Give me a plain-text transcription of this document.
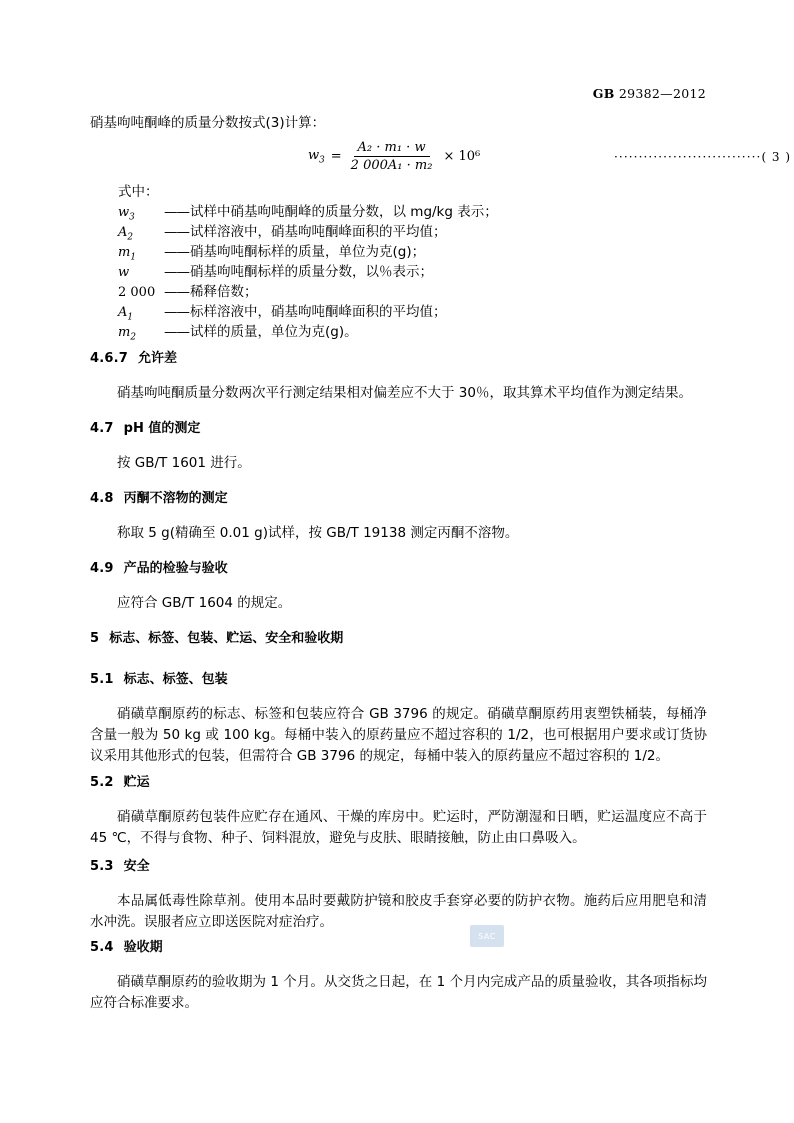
GB 29382—2012
硝基呴吨酮峰的质量分数按式(3)计算：
$w_3 = \frac{\text{A₂ · m₁ · w}}{\text{2 000A₁ · m₂}} \times 10^6$	······························( 3 )
式中：
$w_3$	—— 试样中硝基呴吨酮峰的质量分数，以 mg/kg 表示；
$A_2$	—— 试样溶液中，硝基呴吨酮峰面积的平均值；
$m_1$	—— 硝基呴吨酮标样的质量，单位为克(g)；
w	—— 硝基呴吨酮标样的质量分数，以％表示；
2 000 —— 稀释倍数；
$A_1$	—— 标样溶液中，硝基呴吨酮峰面积的平均值；
$m_2$	—— 试样的质量，单位为克(g)。
4.6.7 允许差
硝基呴吨酮质量分数两次平行测定结果相对偏差应不大于 30％，取其算术平均值作为测定结果。
4.7 pH 值的测定
按 GB/T 1601 进行。
4.8 丙酮不溶物的测定
称取 5 g(精确至 0.01 g)试样，按 GB/T 19138 测定丙酮不溶物。
4.9 产品的检验与验收
应符合 GB/T 1604 的规定。
5 标志、标签、包装、贮运、安全和验收期
5.1 标志、标签、包装
硝磺草酮原药的标志、标签和包装应符合 GB 3796 的规定。硝磺草酮原药用衷塑铁桶装，每桶净含量一般为 50 kg 或 100 kg。每桶中装入的原药量应不超过容积的 1/2，也可根据用户要求或订货协议采用其他形式的包装，但需符合 GB 3796 的规定，每桶中装入的原药量应不超过容积的 1/2。
5.2 贮运
硝磺草酮原药包装件应贮存在通风、干燥的库房中。贮运时，严防潮湿和日晒，贮运温度应不高于 45 ℃，不得与食物、种子、饲料混放，避免与皮肤、眼睛接触，防止由口鼻吸入。
5.3 安全
本品属低毒性除草剂。使用本品时要戴防护镜和胶皮手套穿必要的防护衣物。施药后应用肥皂和清水冲洗。误服者应立即送医院对症治疗。
SAC
5.4 验收期
硝磺草酮原药的验收期为 1 个月。从交货之日起，在 1 个月内完成产品的质量验收，其各项指标均应符合标准要求。
